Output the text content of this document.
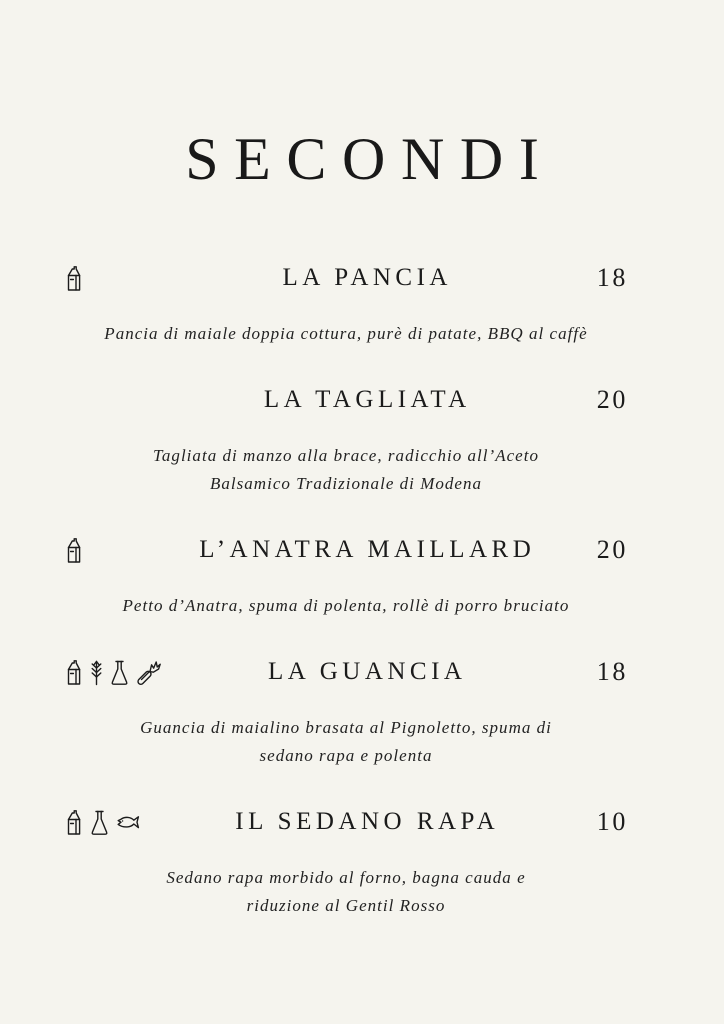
SECONDI
LA PANCIA	18
Pancia di maiale doppia cottura, purè di patate, BBQ al caffè
LA TAGLIATA	20
Tagliata di manzo alla brace, radicchio all’Aceto
Balsamico Tradizionale di Modena
L’ANATRA MAILLARD	20
Petto d’Anatra, spuma di polenta, rollè di porro bruciato
LA GUANCIA	18
Guancia di maialino brasata al Pignoletto, spuma di
sedano rapa e polenta
IL SEDANO RAPA	10
Sedano rapa morbido al forno, bagna cauda e
riduzione al Gentil Rosso
